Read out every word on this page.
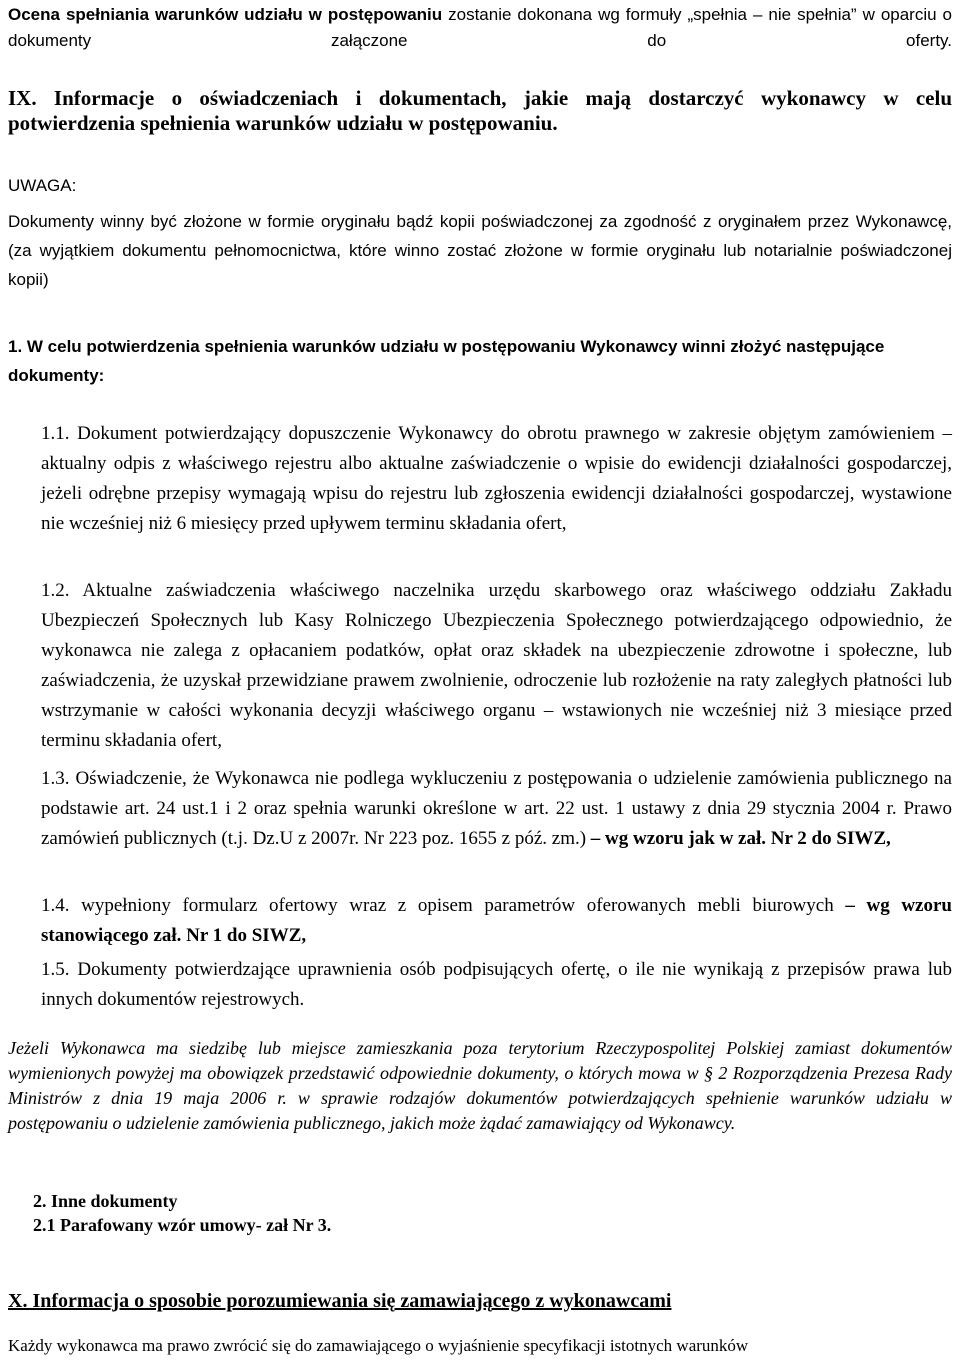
Ocena spełniania warunków udziału w postępowaniu zostanie dokonana wg formuły „spełnia – nie spełnia” w oparciu o dokumenty załączone do oferty.

IX. Informacje o oświadczeniach i dokumentach, jakie mają dostarczyć wykonawcy w celu
potwierdzenia spełnienia warunków udziału w postępowaniu.
UWAGA:

Dokumenty winny być złożone w formie oryginału bądź kopii poświadczonej za zgodność z oryginałem przez Wykonawcę, (za wyjątkiem dokumentu pełnomocnictwa, które winno zostać złożone w formie oryginału lub notarialnie poświadczonej kopii)

1. W celu potwierdzenia spełnienia warunków udziału w postępowaniu Wykonawcy winni złożyć następujące dokumenty:

1.1. Dokument potwierdzający dopuszczenie Wykonawcy do obrotu prawnego w zakresie objętym zamówieniem – aktualny odpis z właściwego rejestru albo aktualne zaświadczenie o wpisie do ewidencji działalności gospodarczej, jeżeli odrębne przepisy wymagają wpisu do rejestru lub zgłoszenia ewidencji działalności gospodarczej, wystawione nie wcześniej niż 6 miesięcy przed upływem terminu składania ofert,

1.2. Aktualne zaświadczenia właściwego naczelnika urzędu skarbowego oraz właściwego oddziału Zakładu Ubezpieczeń Społecznych lub Kasy Rolniczego Ubezpieczenia Społecznego potwierdzającego odpowiednio, że wykonawca nie zalega z opłacaniem podatków, opłat oraz składek na ubezpieczenie zdrowotne i społeczne, lub zaświadczenia, że uzyskał przewidziane prawem zwolnienie, odroczenie lub rozłożenie na raty zaległych płatności lub wstrzymanie w całości wykonania decyzji właściwego organu – wstawionych nie wcześniej niż 3 miesiące przed terminu składania ofert,

1.3. Oświadczenie, że Wykonawca nie podlega wykluczeniu z postępowania o udzielenie zamówienia publicznego na podstawie art. 24 ust.1 i 2 oraz spełnia warunki określone w art. 22 ust. 1 ustawy z dnia 29 stycznia 2004 r. Prawo zamówień publicznych (t.j. Dz.U z 2007r. Nr 223 poz. 1655 z póź. zm.) – wg wzoru jak w zał. Nr 2 do SIWZ,

1.4. wypełniony formularz ofertowy wraz z opisem parametrów oferowanych mebli biurowych – wg wzoru stanowiącego zał. Nr 1 do SIWZ,

1.5. Dokumenty potwierdzające uprawnienia osób podpisujących ofertę, o ile nie wynikają z przepisów prawa lub innych dokumentów rejestrowych.

Jeżeli Wykonawca ma siedzibę lub miejsce zamieszkania poza terytorium Rzeczypospolitej Polskiej zamiast dokumentów wymienionych powyżej ma obowiązek przedstawić odpowiednie dokumenty, o których mowa w § 2 Rozporządzenia Prezesa Rady Ministrów z dnia 19 maja 2006 r. w sprawie rodzajów dokumentów potwierdzających spełnienie warunków udziału w postępowaniu o udzielenie zamówienia publicznego, jakich może żądać zamawiający od Wykonawcy.

2. Inne dokumenty
2.1 Parafowany wzór umowy- zał Nr 3.
X. Informacja o sposobie porozumiewania się zamawiającego z wykonawcami
Każdy wykonawca ma prawo zwrócić się do zamawiającego o wyjaśnienie specyfikacji istotnych warunków
